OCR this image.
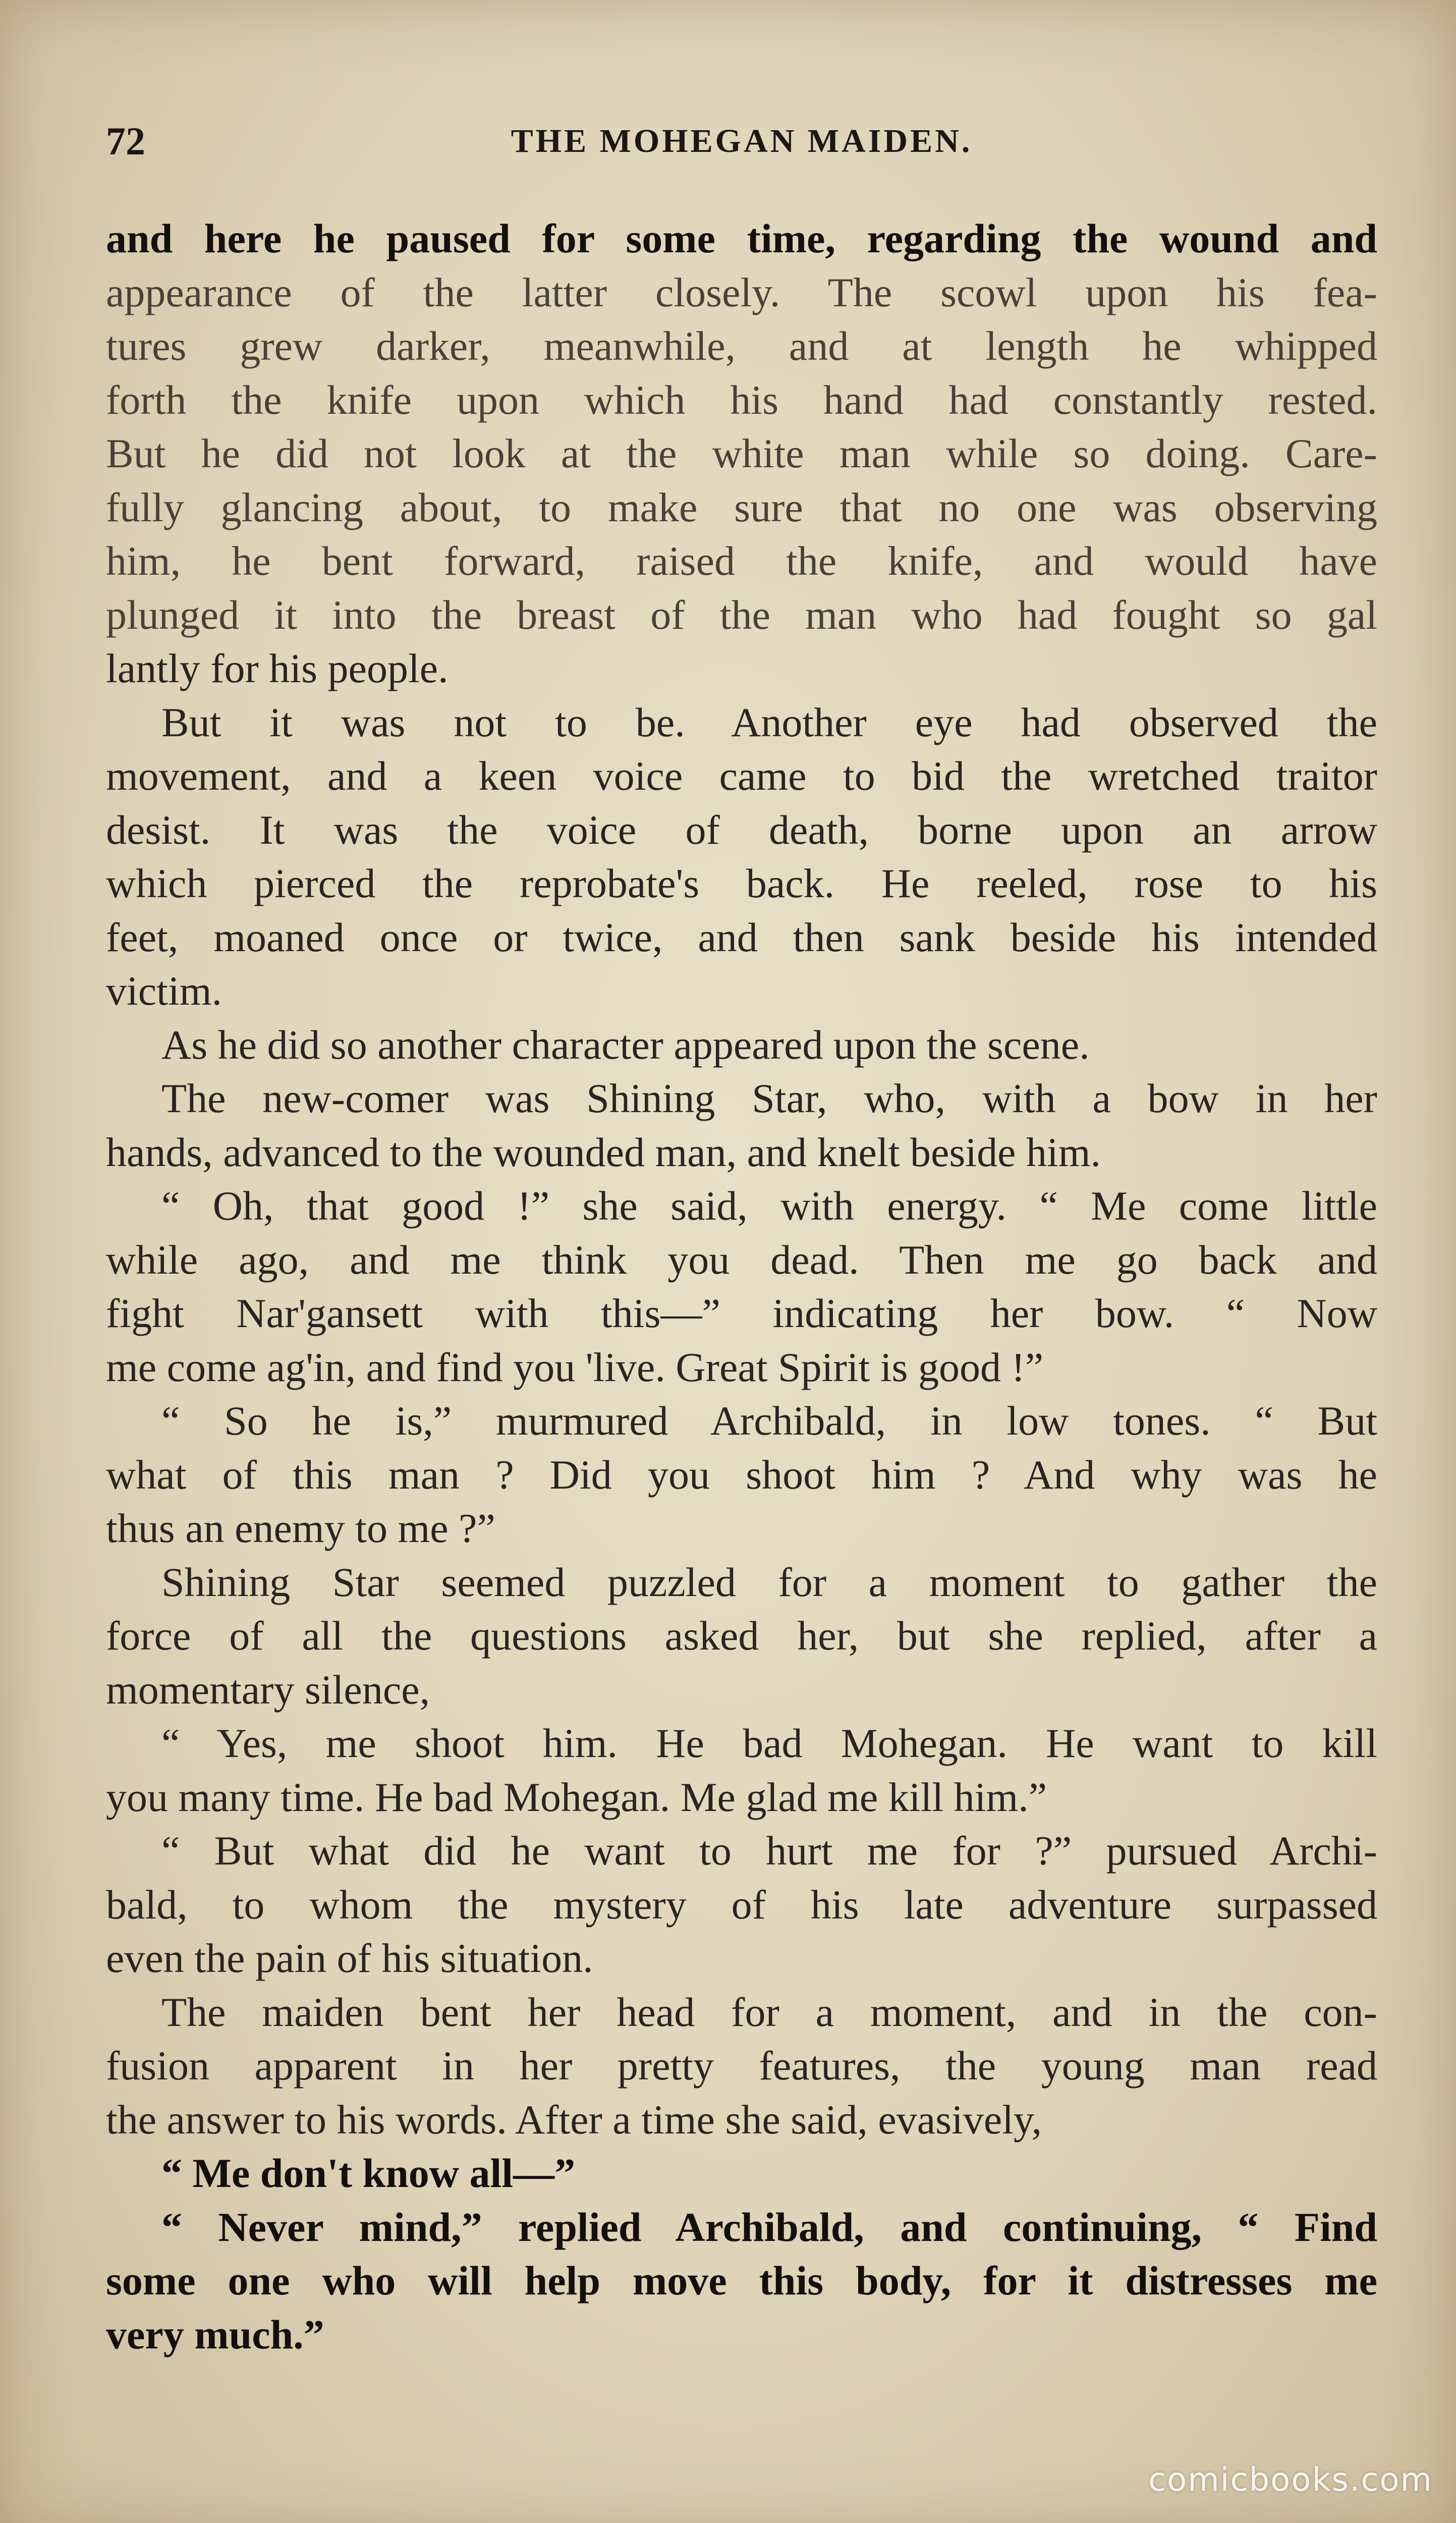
72	THE MOHEGAN MAIDEN.
and here he paused for some time, regarding the wound and
appearance of the latter closely. The scowl upon his fea-
tures grew darker, meanwhile, and at length he whipped
forth the knife upon which his hand had constantly rested.
But he did not look at the white man while so doing. Care-
fully glancing about, to make sure that no one was observing
him, he bent forward, raised the knife, and would have
plunged it into the breast of the man who had fought so gal
lantly for his people.
But it was not to be. Another eye had observed the
movement, and a keen voice came to bid the wretched traitor
desist. It was the voice of death, borne upon an arrow
which pierced the reprobate's back. He reeled, rose to his
feet, moaned once or twice, and then sank beside his intended
victim.
As he did so another character appeared upon the scene.
The new-comer was Shining Star, who, with a bow in her
hands, advanced to the wounded man, and knelt beside him.
“ Oh, that good !” she said, with energy. “ Me come little
while ago, and me think you dead. Then me go back and
fight Nar'gansett with this—” indicating her bow. “ Now
me come ag'in, and find you 'live. Great Spirit is good !”
“ So he is,” murmured Archibald, in low tones. “ But
what of this man ? Did you shoot him ? And why was he
thus an enemy to me ?”
Shining Star seemed puzzled for a moment to gather the
force of all the questions asked her, but she replied, after a
momentary silence,
“ Yes, me shoot him. He bad Mohegan. He want to kill
you many time. He bad Mohegan. Me glad me kill him.”
“ But what did he want to hurt me for ?” pursued Archi-
bald, to whom the mystery of his late adventure surpassed
even the pain of his situation.
The maiden bent her head for a moment, and in the con-
fusion apparent in her pretty features, the young man read
the answer to his words. After a time she said, evasively,
“ Me don't know all—”
“ Never mind,” replied Archibald, and continuing, “ Find
some one who will help move this body, for it distresses me
very much.”
comicbooks.com
